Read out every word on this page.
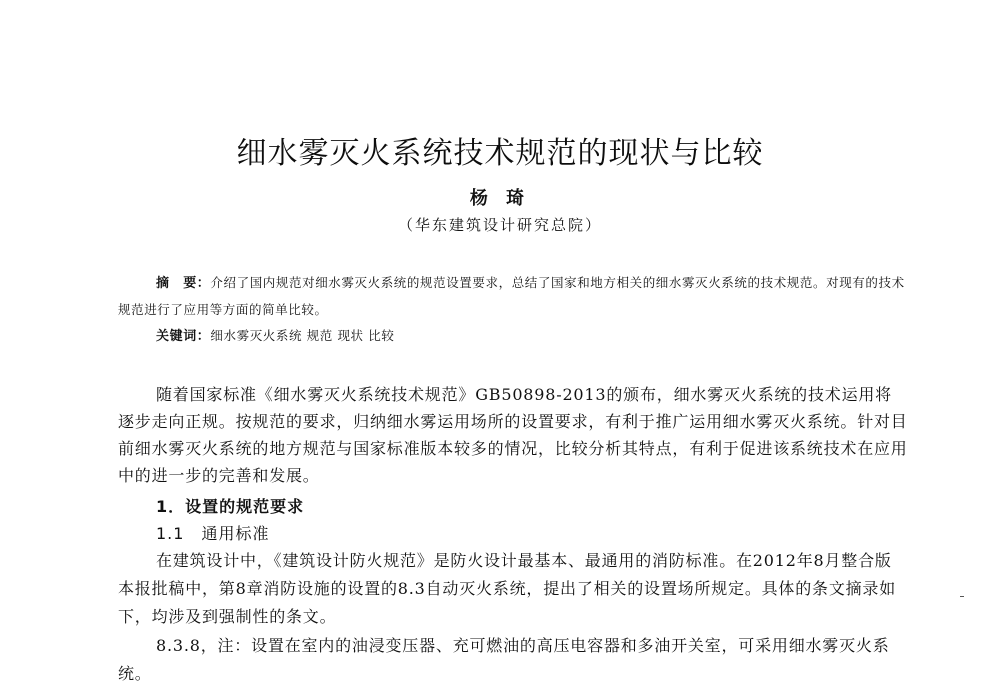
细水雾灭火系统技术规范的现状与比较
杨 琦
（华东建筑设计研究总院）
摘　要：介绍了国内规范对细水雾灭火系统的规范设置要求，总结了国家和地方相关的细水雾灭火系统的技术规范。对现有的技术规范进行了应用等方面的简单比较。
关键词：细水雾灭火系统 规范 现状 比较
随着国家标准《细水雾灭火系统技术规范》GB50898-2013的颁布，细水雾灭火系统的技术运用将逐步走向正规。按规范的要求，归纳细水雾运用场所的设置要求，有利于推广运用细水雾灭火系统。针对目前细水雾灭火系统的地方规范与国家标准版本较多的情况，比较分析其特点，有利于促进该系统技术在应用中的进一步的完善和发展。
1．设置的规范要求
1.1　通用标准
在建筑设计中，《建筑设计防火规范》是防火设计最基本、最通用的消防标准。在2012年8月整合版本报批稿中，第8章消防设施的设置的8.3自动灭火系统，提出了相关的设置场所规定。具体的条文摘录如下，均涉及到强制性的条文。
8.3.8，注：设置在室内的油浸变压器、充可燃油的高压电容器和多油开关室，可采用细水雾灭火系统。
